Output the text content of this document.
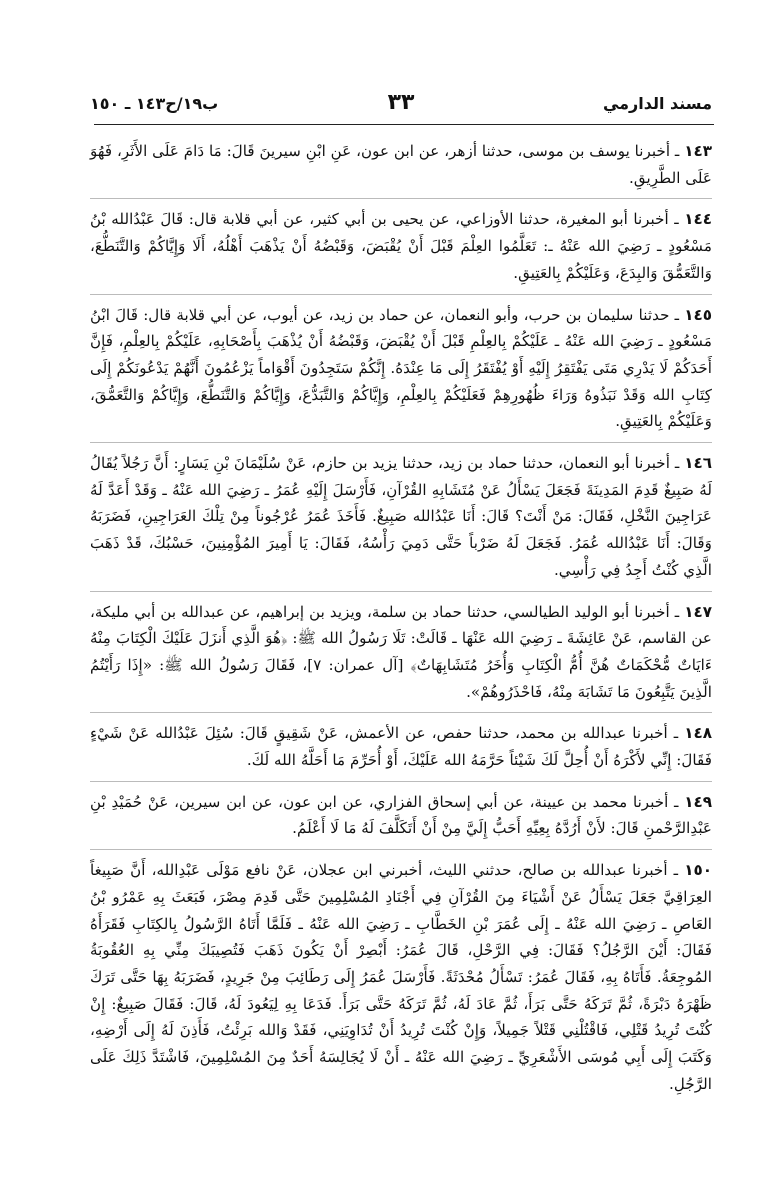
مسند الدارمي
٣٣
ب١٩/ح١٤٣ ـ ١٥٠

١٤٣ ـ أخبرنا يوسف بن موسى، حدثنا أزهر، عن ابن عون، عَنِ ابْنِ سيرينَ قَالَ: مَا دَامَ عَلَى الأَثَرِ، فَهُوَ عَلَى الطَّرِيقِ.

١٤٤ ـ أخبرنا أبو المغيرة، حدثنا الأوزاعي، عن يحيى بن أبي كثير، عن أبي قلابة قال: قَالَ عَبْدُالله بْنُ مَسْعُودٍ ـ رَضِيَ الله عَنْهُ ـ: تَعَلَّمُوا العِلْمَ قَبْلَ أَنْ يُقْبَضَ، وَقَبْضُهُ أَنْ يَذْهَبَ أَهْلُهُ، أَلَا وَإِيَّاكُمْ وَالتَّنَطُّعَ، وَالتَّعَمُّقَ وَالبِدَعَ، وَعَلَيْكُمْ بِالعَتِيقِ.

١٤٥ ـ حدثنا سليمان بن حرب، وأبو النعمان، عن حماد بن زيد، عن أيوب، عن أبي قلابة قال: قَالَ ابْنُ مَسْعُودٍ ـ رَضِيَ الله عَنْهُ ـ عَلَيْكُمْ بِالعِلْمِ قَبْلَ أَنْ يُقْبَضَ، وَقَبْضُهُ أَنْ يُذْهَبَ بِأَصْحَابِهِ، عَلَيْكُمْ بِالعِلْمِ، فَإِنَّ أَحَدَكُمْ لَا يَدْرِي مَتَى يَفْتَقِرُ إِلَيْهِ أَوْ يُفْتَقَرُ إِلَى مَا عِنْدَهُ. إِنَّكُمْ سَتَجِدُونَ أَقْوَاماً يَزْعُمُونَ أَنَّهُمْ يَدْعُونَكُمْ إِلَى كِتَابِ الله وَقَدْ نَبَذُوهُ وَرَاءَ ظُهُورِهِمْ فَعَلَيْكُمْ بِالعِلْمِ، وَإِيَّاكُمْ وَالتَّبَدُّعَ، وَإِيَّاكُمْ وَالتَّنَطُّعَ، وَإِيَّاكُمْ وَالتَّعَمُّقَ، وَعَلَيْكُمْ بِالعَتِيقِ.

١٤٦ ـ أخبرنا أبو النعمان، حدثنا حماد بن زيد، حدثنا يزيد بن حازم، عَنْ سُلَيْمَانَ بْنِ يَسَارٍ: أَنَّ رَجُلاً يُقَالُ لَهُ صَبِيغٌ قَدِمَ المَدِينَةَ فَجَعَلَ يَسْأَلُ عَنْ مُتَشَابِهِ القُرْآنِ، فَأَرْسَلَ إِلَيْهِ عُمَرُ ـ رَضِيَ الله عَنْهُ ـ وَقَدْ أَعَدَّ لَهُ عَرَاجِينَ النَّخْلِ، فَقَالَ: مَنْ أَنْتَ؟ قَالَ: أَنَا عَبْدُالله صَبِيغٌ. فَأَخَذَ عُمَرُ عُرْجُوناً مِنْ تِلْكَ العَرَاجِينِ، فَضَرَبَهُ وَقَالَ: أَنَا عَبْدُالله عُمَرُ. فَجَعَلَ لَهُ ضَرْباً حَتَّى دَمِيَ رَأْسُهُ، فَقَالَ: يَا أَمِيرَ المُؤْمِنِينَ، حَسْبُكَ، قَدْ ذَهَبَ الَّذِي كُنْتُ أَجِدُ فِي رَأْسِي.

١٤٧ ـ أخبرنا أبو الوليد الطيالسي، حدثنا حماد بن سلمة، ويزيد بن إبراهيم، عن عبدالله بن أبي مليكة، عن القاسم، عَنْ عَائِشَةَ ـ رَضِيَ الله عَنْهَا ـ قَالَتْ: تَلَا رَسُولُ الله ﷺ: ﴿هُوَ الَّذِي أَنزَلَ عَلَيْكَ الْكِتَابَ مِنْهُ ءَايَاتٌ مُّحْكَمَاتٌ هُنَّ أُمُّ الْكِتَابِ وَأُخَرُ مُتَشَابِهَاتٌ﴾ [آل عمران: ٧]، فَقَالَ رَسُولُ الله ﷺ: «إِذَا رَأَيْتُمُ الَّذِينَ يَتَّبِعُونَ مَا تَشَابَهَ مِنْهُ، فَاحْذَرُوهُمْ».

١٤٨ ـ أخبرنا عبدالله بن محمد، حدثنا حفص، عن الأعمش، عَنْ شَقِيقٍ قَالَ: سُئِلَ عَبْدُالله عَنْ شَيْءٍ فَقَالَ: إِنِّي لأَكْرَهُ أَنْ أُحِلَّ لَكَ شَيْئاً حَرَّمَهُ الله عَلَيْكَ، أَوْ أُحَرِّمَ مَا أَحَلَّهُ الله لَكَ.

١٤٩ ـ أخبرنا محمد بن عيينة، عن أبي إسحاق الفزاري، عن ابن عون، عن ابن سيرين، عَنْ حُمَيْدِ بْنِ عَبْدِالرَّحْمنِ قَالَ: لأَنْ أَرُدَّهُ بِعِيِّهِ أَحَبُّ إِلَيَّ مِنْ أَنْ أَتَكَلَّفَ لَهُ مَا لَا أَعْلَمُ.

١٥٠ ـ أخبرنا عبدالله بن صالح، حدثني الليث، أخبرني ابن عجلان، عَنْ نافع مَوْلَى عَبْدِالله، أَنَّ صَبِيغاً العِرَاقِيَّ جَعَلَ يَسْأَلُ عَنْ أَشْيَاءَ مِنَ القُرْآنِ فِي أَجْنَادِ المُسْلِمِينَ حَتَّى قَدِمَ مِصْرَ، فَبَعَثَ بِهِ عَمْرُو بْنُ العَاصِ ـ رَضِيَ الله عَنْهُ ـ إِلَى عُمَرَ بْنِ الخَطَّابِ ـ رَضِيَ الله عَنْهُ ـ فَلَمَّا أَتَاهُ الرَّسُولُ بِالكِتَابِ فَقَرَأَهُ فَقَالَ: أَيْنَ الرَّجُلُ؟ فَقَالَ: فِي الرَّحْلِ، قَالَ عُمَرُ: أَبْصِرْ أَنْ يَكُونَ ذَهَبَ فَتُصِيبَكَ مِنِّي بِهِ العُقُوبَةُ المُوجِعَةُ. فَأَتَاهُ بِهِ، فَقَالَ عُمَرُ: تَسْأَلُ مُحْدَثَةً. فَأَرْسَلَ عُمَرُ إِلَى رَطَائِبَ مِنْ جَرِيدٍ، فَضَرَبَهُ بِهَا حَتَّى تَرَكَ ظَهْرَهُ دَبْرَةً، ثُمَّ تَرَكَهُ حَتَّى بَرَأَ، ثُمَّ عَادَ لَهُ، ثُمَّ تَرَكَهُ حَتَّى بَرَأَ. فَدَعَا بِهِ لِيَعُودَ لَهُ، قَالَ: فَقَالَ صَبِيغٌ: إِنْ كُنْتَ تُرِيدُ قَتْلِي، فَاقْتُلْنِي قَتْلاً جَمِيلاً، وَإِنْ كُنْتَ تُرِيدُ أَنْ تُدَاوِيَنِي، فَقَدْ وَالله بَرِئْتُ، فَأَذِنَ لَهُ إِلَى أَرْضِهِ، وَكَتَبَ إِلَى أَبِي مُوسَى الأَشْعَرِيِّ ـ رَضِيَ الله عَنْهُ ـ أَنْ لَا يُجَالِسَهُ أَحَدٌ مِنَ المُسْلِمِينَ، فَاشْتَدَّ ذَلِكَ عَلَى الرَّجُلِ.
